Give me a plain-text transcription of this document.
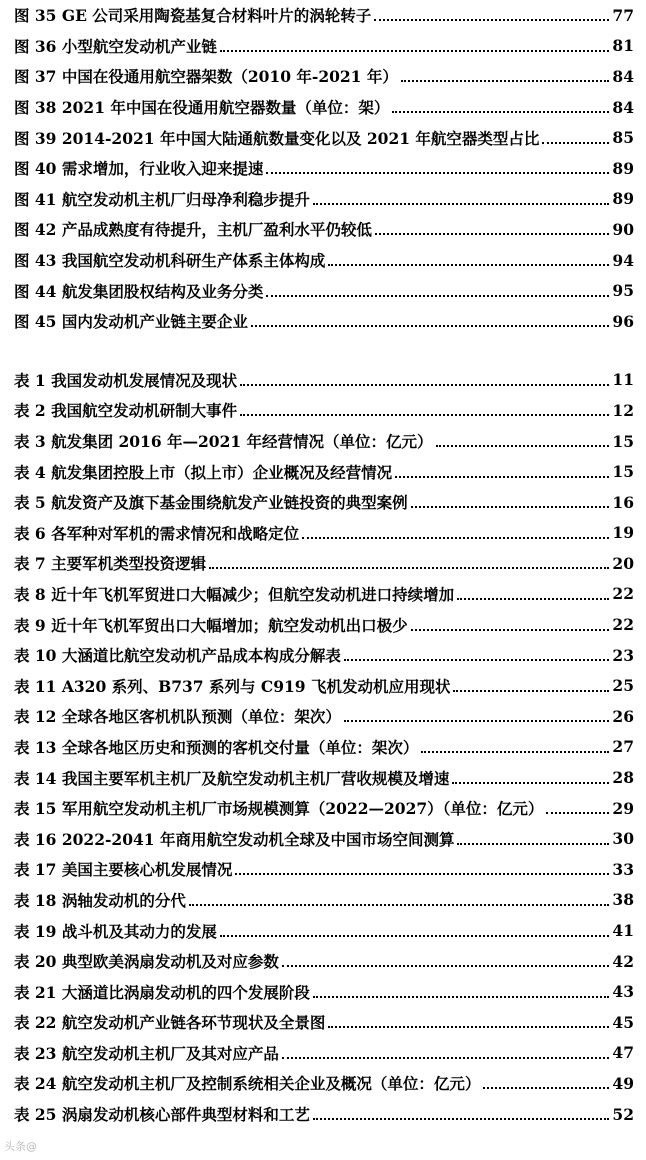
图 35 GE 公司采用陶瓷基复合材料叶片的涡轮转子	77
图 36 小型航空发动机产业链	81
图 37 中国在役通用航空器架数（2010 年-2021 年）	84
图 38 2021 年中国在役通用航空器数量（单位：架）	84
图 39 2014-2021 年中国大陆通航数量变化以及 2021 年航空器类型占比	85
图 40 需求增加，行业收入迎来提速	89
图 41 航空发动机主机厂归母净利稳步提升	89
图 42 产品成熟度有待提升，主机厂盈利水平仍较低	90
图 43 我国航空发动机科研生产体系主体构成	94
图 44 航发集团股权结构及业务分类	95
图 45 国内发动机产业链主要企业	96
表 1 我国发动机发展情况及现状	11
表 2 我国航空发动机研制大事件	12
表 3 航发集团 2016 年—2021 年经营情况（单位：亿元）	15
表 4 航发集团控股上市（拟上市）企业概况及经营情况	15
表 5 航发资产及旗下基金围绕航发产业链投资的典型案例	16
表 6 各军种对军机的需求情况和战略定位	19
表 7 主要军机类型投资逻辑	20
表 8 近十年飞机军贸进口大幅减少；但航空发动机进口持续增加	22
表 9 近十年飞机军贸出口大幅增加；航空发动机出口极少	22
表 10 大涵道比航空发动机产品成本构成分解表	23
表 11 A320 系列、B737 系列与 C919 飞机发动机应用现状	25
表 12 全球各地区客机机队预测（单位：架次）	26
表 13 全球各地区历史和预测的客机交付量（单位：架次）	27
表 14 我国主要军机主机厂及航空发动机主机厂营收规模及增速	28
表 15 军用航空发动机主机厂市场规模测算（2022—2027）（单位：亿元）	29
表 16 2022-2041 年商用航空发动机全球及中国市场空间测算	30
表 17 美国主要核心机发展情况	33
表 18 涡轴发动机的分代	38
表 19 战斗机及其动力的发展	41
表 20 典型欧美涡扇发动机及对应参数	42
表 21 大涵道比涡扇发动机的四个发展阶段	43
表 22 航空发动机产业链各环节现状及全景图	45
表 23 航空发动机主机厂及其对应产品	47
表 24 航空发动机主机厂及控制系统相关企业及概况（单位：亿元）	49
表 25 涡扇发动机核心部件典型材料和工艺	52
头条@
